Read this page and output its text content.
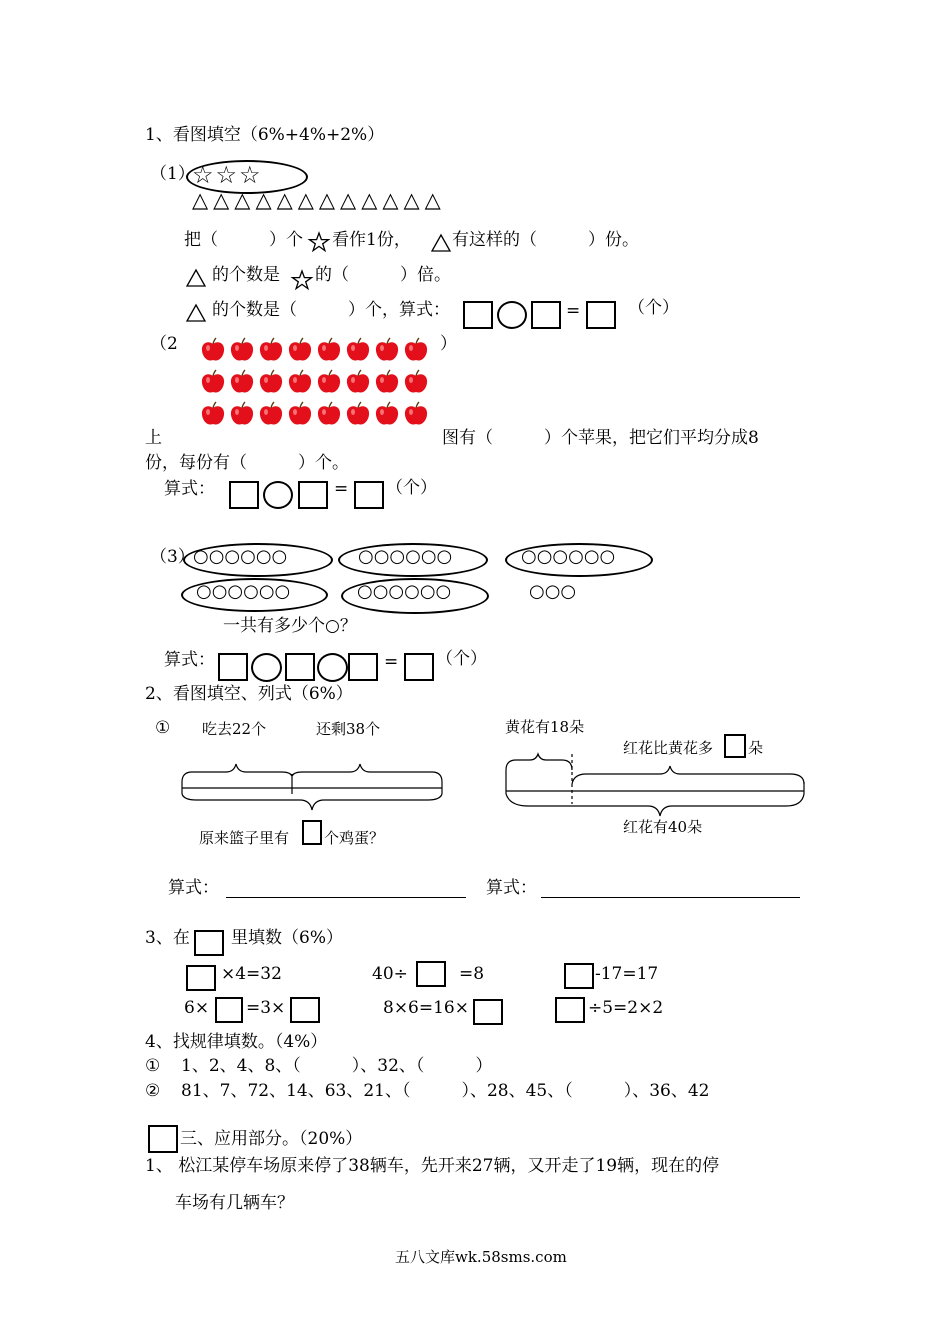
1、看图填空（6%+4%+2%）
（1）
☆☆☆
△△△△△△△△△△△△
把（　　　）个 看作1份， 有这样的（　　　）份。
的个数是 的（　　　）倍。
的个数是（　　　）个，算式：	=	（个）
（2	）
上	图有（　　　）个苹果，把它们平均分成8
份，每份有（　　　）个。
算式：	= （个）
（3）
○○○○○○	○○○○○○	○○○○○○
○○○○○○	○○○○○○	○○○
一共有多少个○？
算式：	= （个）
2、看图填空、列式（6%）
① 吃去22个	还剩38个
原来篮子里有 个鸡蛋？
黄花有18朵
红花比黄花多 朵
红花有40朵
算式：	算式：
3、在 里填数（6%）
×4=32	40÷	=8	-17=17
6× =3×	8×6=16×	÷5=2×2
4、找规律填数。（4%）
① 1、2、4、8、（　　　）、32、（　　　）
② 81、7、72、14、63、21、（　　　）、28、45、（　　　）、36、42
三、应用部分。（20%）
1、 松江某停车场原来停了38辆车，先开来27辆，又开走了19辆，现在的停
车场有几辆车？
五八文库wk.58sms.com
